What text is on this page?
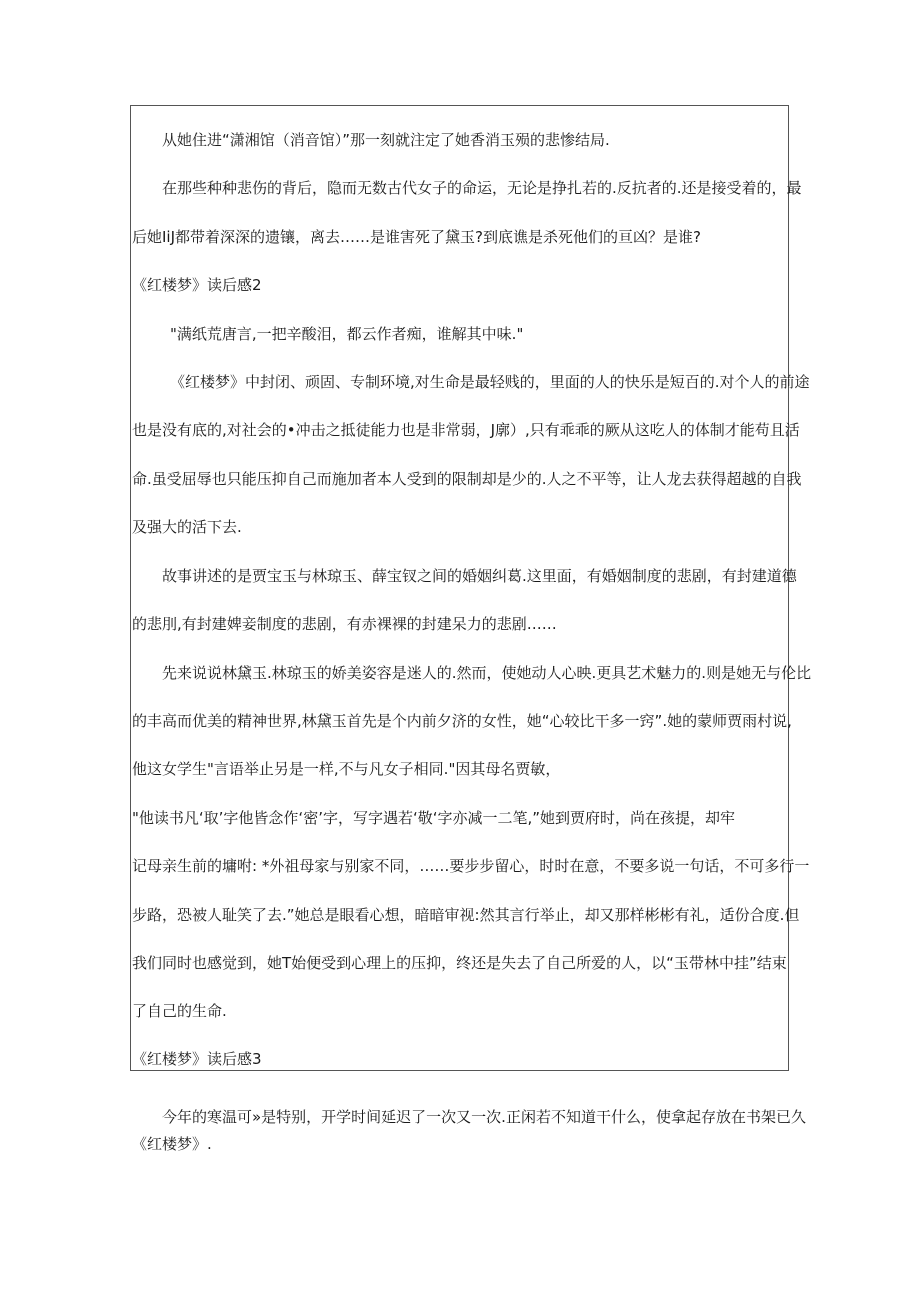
从她住进“潇湘馆（消音馆）”那一刻就注定了她香消玉殒的悲惨结局.
在那些种种悲伤的背后，隐而无数古代女子的命运，无论是挣扎若的.反抗者的.还是接受着的，最
后她IiJ都带着深深的遗镶，离去……是谁害死了黛玉?到底谯是杀死他们的亘凶？是谁?
《红楼梦》读后感2
"满纸荒唐言,一把辛酸泪，都云作者痴，谁解其中味."
《红楼梦》中封闭、顽固、专制环境,对生命是最轻贱的，里面的人的快乐是短百的.对个人的前途
也是没有底的,对社会的•冲击之抵徒能力也是非常弱，J廓）,只有乖乖的厥从这吃人的体制才能苟且活
命.虽受屈辱也只能压抑自己而施加者本人受到的限制却是少的.人之不平等，让人龙去获得超越的自我
及强大的活下去.
故事讲述的是贾宝玉与林琼玉、薛宝钗之间的婚姻纠葛.这里面，有婚姻制度的悲剧，有封建道德
的悲刖,有封建婢妾制度的悲剧，有赤裸裸的封建呆力的悲剧……
先来说说林黛玉.林琼玉的娇美姿容是迷人的.然而，使她动人心映.更具艺术魅力的.则是她无与伦比
的丰高而优美的精神世界,林黛玉首先是个内前夕济的女性，她“心较比干多一窍”.她的蒙师贾雨村说,
他这女学生"言语举止另是一样,不与凡女子相同."因其母名贾敏，
"他读书凡‘取’字他皆念作‘密’字，写字遇若‘敬‘字亦减一二笔,”她到贾府时，尚在孩提，却牢
记母亲生前的墉咐: *外祖母家与别家不同，……要步步留心，时时在意，不要多说一句话，不可多行一
步路，恐被人耻笑了去.”她总是眼看心想，暗暗审视:然其言行举止，却又那样彬彬有礼，适份合度.但
我们同时也感觉到，她T始便受到心理上的压抑，终还是失去了自己所爱的人，以“玉带林中挂”结束
了自己的生命.
《红楼梦》读后感3
今年的寒温可»是特别，开学时间延迟了一次又一次.正闲若不知道干什么，使拿起存放在书架已久
《红楼梦》.
